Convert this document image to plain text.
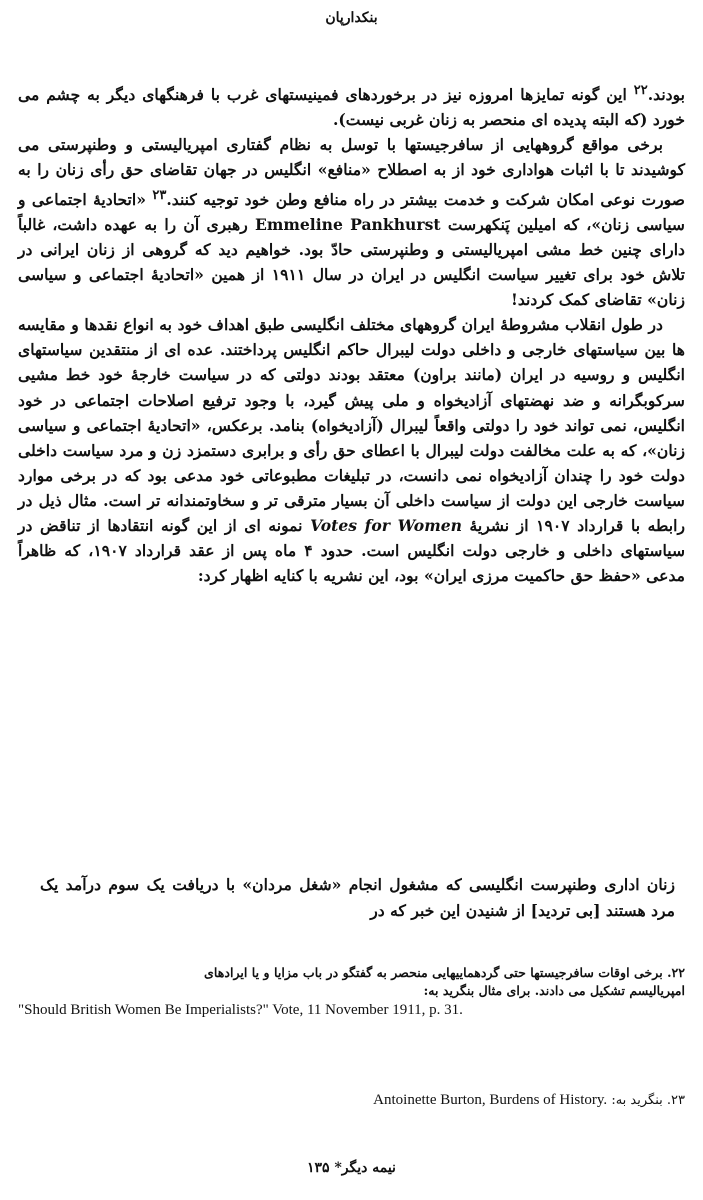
بنکدارپان

بودند.$^{۲۲}$ این گونه تمایزها امروزه نیز در برخوردهای فمینیستهای غرب با فرهنگهای دیگر به چشم می خورد (که البته پدیده ای منحصر به زنان غربی نیست).

برخی مواقع گروههایی از سافرجیستها با توسل به نظام گفتاری امپریالیستی و وطنپرستی می کوشیدند تا با اثبات هواداری خود از به اصطلاح «منافع» انگلیس در جهان تقاضای حق رأی زنان را به صورت نوعی امکان شرکت و خدمت بیشتر در راه منافع وطن خود توجیه کنند.$^{۲۳}$ «اتحادیهٔ اجتماعی و سیاسی زنان»، که امیلین پَنکهرست Emmeline Pankhurst رهبری آن را به عهده داشت، غالباً دارای چنین خط مشی امپریالیستی و وطنپرستی حادّ بود. خواهیم دید که گروهی از زنان ایرانی در تلاش خود برای تغییر سیاست انگلیس در ایران در سال ۱۹۱۱ از همین «اتحادیهٔ اجتماعی و سیاسی زنان» تقاضای کمک کردند!

در طول انقلاب مشروطهٔ ایران گروههای مختلف انگلیسی طبق اهداف خود به انواع نقدها و مقایسه ها بین سیاستهای خارجی و داخلی دولت لیبرال حاکم انگلیس پرداختند. عده ای از منتقدین سیاستهای انگلیس و روسیه در ایران (مانند براون) معتقد بودند دولتی که در سیاست خارجهٔ خود خط مشیی سرکوبگرانه و ضد نهضتهای آزادیخواه و ملی پیش گیرد، با وجود ترفیع اصلاحات اجتماعی در خود انگلیس، نمی تواند خود را دولتی واقعاً لیبرال (آزادیخواه) بنامد. برعکس، «اتحادیهٔ اجتماعی و سیاسی زنان»، که به علت مخالفت دولت لیبرال با اعطای حق رأی و برابری دستمزد زن و مرد سیاست داخلی دولت خود را چندان آزادیخواه نمی دانست، در تبلیغات مطبوعاتی خود مدعی بود که در برخی موارد سیاست خارجی این دولت از سیاست داخلی آن بسیار مترقی تر و سخاوتمندانه تر است. مثال ذیل در رابطه با قرارداد ۱۹۰۷ از نشریهٔ Votes for Women نمونه ای از این گونه انتقادها از تناقض در سیاستهای داخلی و خارجی دولت انگلیس است. حدود ۴ ماه پس از عقد قرارداد ۱۹۰۷، که ظاهراً مدعی «حفظ حق حاکمیت مرزی ایران» بود، این نشریه با کنایه اظهار کرد:

زنان اداری وطنپرست انگلیسی که مشغول انجام «شغل مردان» با دریافت یک سوم درآمد یک مرد هستند [بی تردید] از شنیدن این خبر که در

۲۲. برخی اوقات سافرجیستها حتی گردهماییهایی منحصر به گفتگو در باب مزایا و یا ایرادهای

امپریالیسم تشکیل می دادند. برای مثال بنگرید به:

"Should British Women Be Imperialists?" Vote, 11 November 1911, p. 31.

۲۳. بنگرید به: Antoinette Burton, Burdens of History.

نیمه دیگر* ۱۳۵
